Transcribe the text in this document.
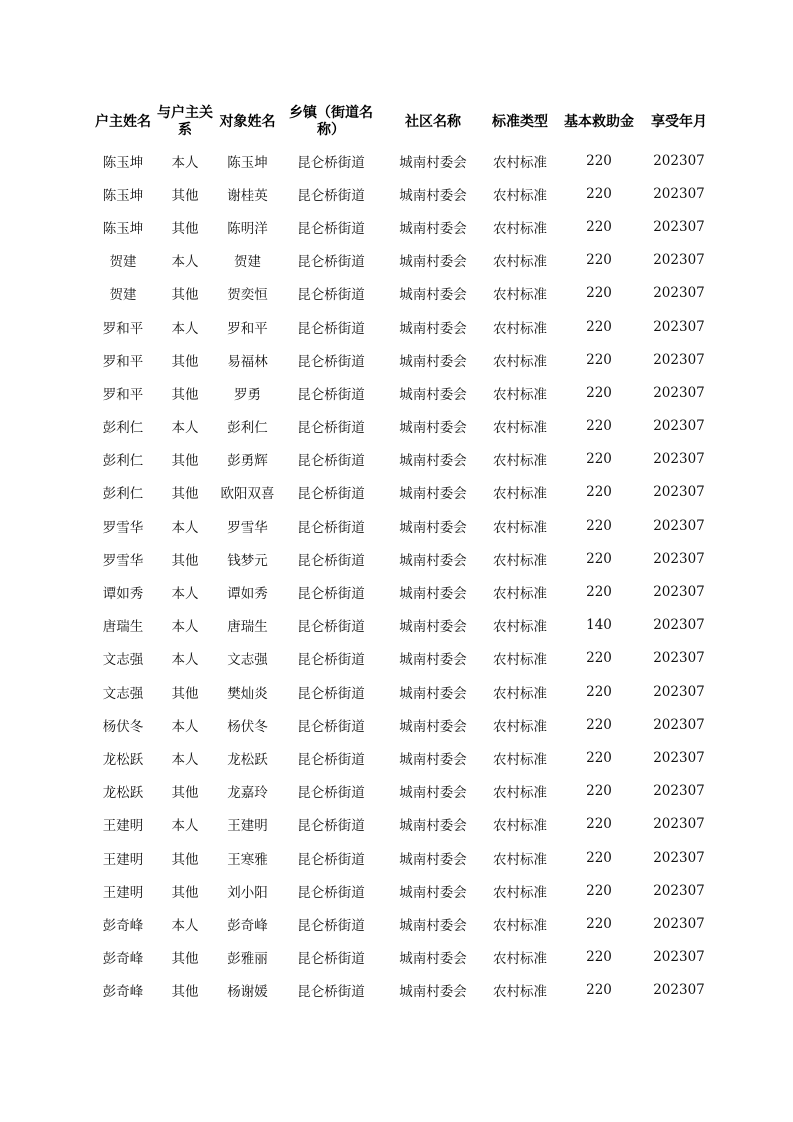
户主姓名	与户主关系	对象姓名	乡镇（街道名称）	社区名称	标准类型	基本救助金	享受年月
陈玉坤	本人	陈玉坤	昆仑桥街道	城南村委会	农村标准	220	202307
陈玉坤	其他	谢桂英	昆仑桥街道	城南村委会	农村标准	220	202307
陈玉坤	其他	陈明洋	昆仑桥街道	城南村委会	农村标准	220	202307
贺建	本人	贺建	昆仑桥街道	城南村委会	农村标准	220	202307
贺建	其他	贺奕恒	昆仑桥街道	城南村委会	农村标准	220	202307
罗和平	本人	罗和平	昆仑桥街道	城南村委会	农村标准	220	202307
罗和平	其他	易福林	昆仑桥街道	城南村委会	农村标准	220	202307
罗和平	其他	罗勇	昆仑桥街道	城南村委会	农村标准	220	202307
彭利仁	本人	彭利仁	昆仑桥街道	城南村委会	农村标准	220	202307
彭利仁	其他	彭勇辉	昆仑桥街道	城南村委会	农村标准	220	202307
彭利仁	其他	欧阳双喜	昆仑桥街道	城南村委会	农村标准	220	202307
罗雪华	本人	罗雪华	昆仑桥街道	城南村委会	农村标准	220	202307
罗雪华	其他	钱梦元	昆仑桥街道	城南村委会	农村标准	220	202307
谭如秀	本人	谭如秀	昆仑桥街道	城南村委会	农村标准	220	202307
唐瑞生	本人	唐瑞生	昆仑桥街道	城南村委会	农村标准	140	202307
文志强	本人	文志强	昆仑桥街道	城南村委会	农村标准	220	202307
文志强	其他	樊灿炎	昆仑桥街道	城南村委会	农村标准	220	202307
杨伏冬	本人	杨伏冬	昆仑桥街道	城南村委会	农村标准	220	202307
龙松跃	本人	龙松跃	昆仑桥街道	城南村委会	农村标准	220	202307
龙松跃	其他	龙嘉玲	昆仑桥街道	城南村委会	农村标准	220	202307
王建明	本人	王建明	昆仑桥街道	城南村委会	农村标准	220	202307
王建明	其他	王寒雅	昆仑桥街道	城南村委会	农村标准	220	202307
王建明	其他	刘小阳	昆仑桥街道	城南村委会	农村标准	220	202307
彭奇峰	本人	彭奇峰	昆仑桥街道	城南村委会	农村标准	220	202307
彭奇峰	其他	彭雅丽	昆仑桥街道	城南村委会	农村标准	220	202307
彭奇峰	其他	杨谢媛	昆仑桥街道	城南村委会	农村标准	220	202307
